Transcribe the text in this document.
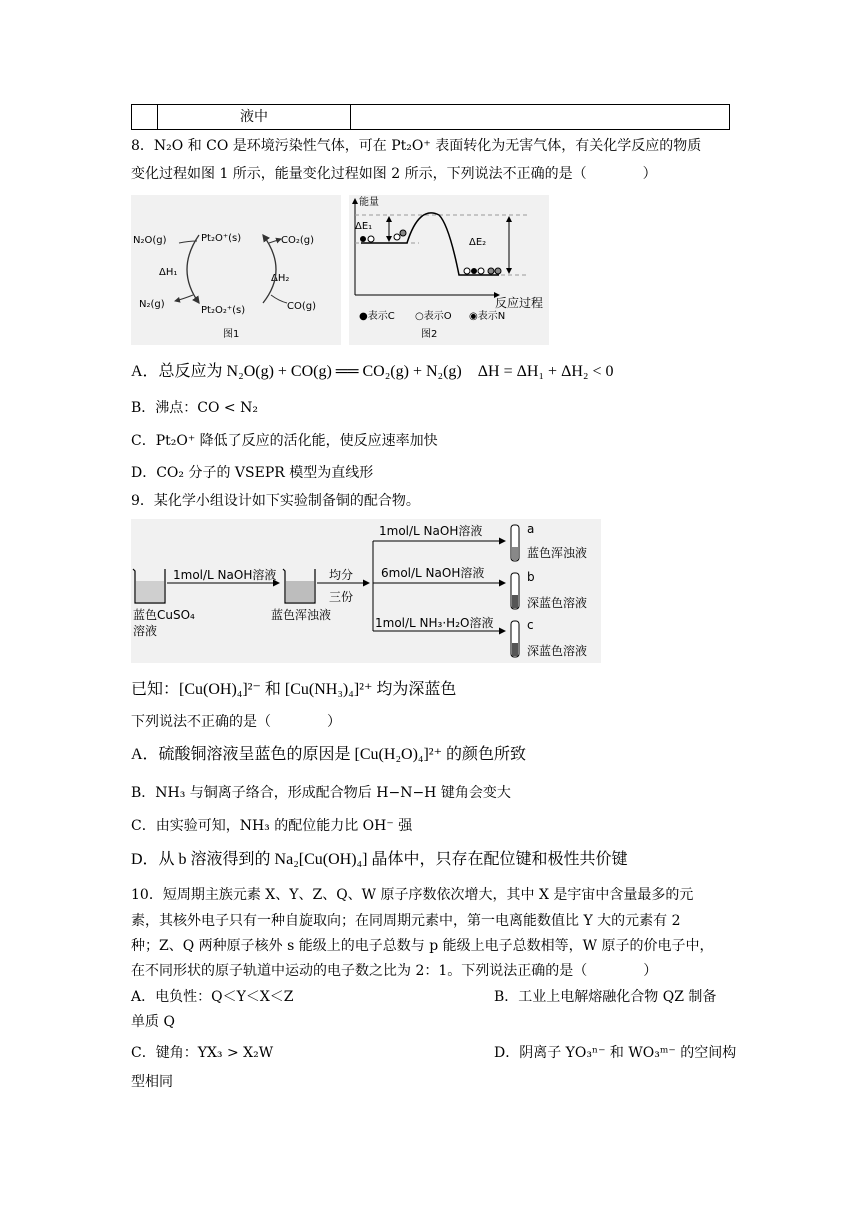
液中
8．N₂O 和 CO 是环境污染性气体，可在 Pt₂O⁺ 表面转化为无害气体，有关化学反应的物质
变化过程如图 1 所示，能量变化过程如图 2 所示，下列说法不正确的是（　　　　）
N₂O(g)
N₂(g)
Pt₂O⁺(s)
Pt₂O₂⁺(s)
CO₂(g)
CO(g)
ΔH₁
ΔH₂
图1
能量
反应过程
ΔE₁
ΔE₂
●表示C ○表示O ◉表示N
图2
A．总反应为 N₂O(g) + CO(g) ══ CO₂(g) + N₂(g)　ΔH = ΔH₁ + ΔH₂ < 0
B．沸点：CO < N₂
C．Pt₂O⁺ 降低了反应的活化能，使反应速率加快
D．CO₂ 分子的 VSEPR 模型为直线形
9．某化学小组设计如下实验制备铜的配合物。
蓝色CuSO₄
溶液
1mol/L NaOH溶液
蓝色浑浊液
均分
三份
1mol/L NaOH溶液
6mol/L NaOH溶液
1mol/L NH₃·H₂O溶液
a
蓝色浑浊液
b
深蓝色溶液
c
深蓝色溶液
已知：[Cu(OH)₄]²⁻ 和 [Cu(NH₃)₄]²⁺ 均为深蓝色
下列说法不正确的是（　　　　）
A．硫酸铜溶液呈蓝色的原因是 [Cu(H₂O)₄]²⁺ 的颜色所致
B．NH₃ 与铜离子络合，形成配合物后 H−N−H 键角会变大
C．由实验可知，NH₃ 的配位能力比 OH⁻ 强
D．从 b 溶液得到的 Na₂[Cu(OH)₄] 晶体中，只存在配位键和极性共价键
10．短周期主族元素 X、Y、Z、Q、W 原子序数依次增大，其中 X 是宇宙中含量最多的元
素，其核外电子只有一种自旋取向；在同周期元素中，第一电离能数值比 Y 大的元素有 2
种；Z、Q 两种原子核外 s 能级上的电子总数与 p 能级上电子总数相等，W 原子的价电子中，
在不同形状的原子轨道中运动的电子数之比为 2：1。下列说法正确的是（　　　　）
A．电负性：Q＜Y＜X＜Z	B．工业上电解熔融化合物 QZ 制备
单质 Q
C．键角：YX₃ > X₂W	D．阴离子 YO₃ⁿ⁻ 和 WO₃ᵐ⁻ 的空间构
型相同
